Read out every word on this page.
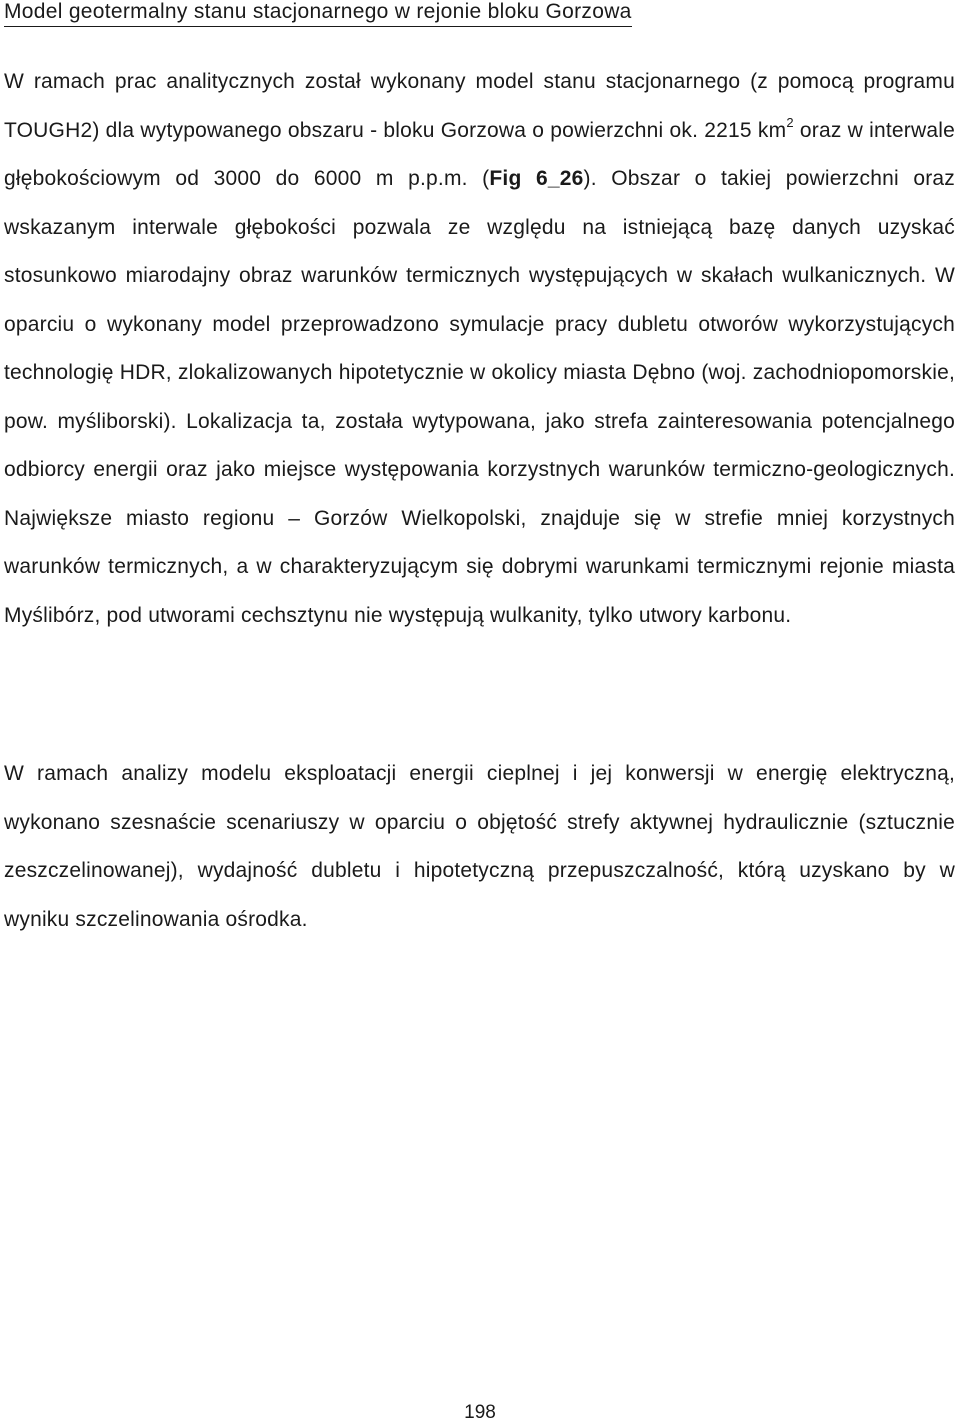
Model geotermalny stanu stacjonarnego w rejonie bloku Gorzowa

W ramach prac analitycznych został wykonany model stanu stacjonarnego (z pomocą programu TOUGH2) dla wytypowanego obszaru - bloku Gorzowa o powierzchni ok. 2215 $km^2$ oraz w interwale głębokościowym od 3000 do 6000 m p.p.m. (Fig 6_26). Obszar o takiej powierzchni oraz wskazanym interwale głębokości pozwala ze względu na istniejącą bazę danych uzyskać stosunkowo miarodajny obraz warunków termicznych występujących w skałach wulkanicznych. W oparciu o wykonany model przeprowadzono symulacje pracy dubletu otworów wykorzystujących technologię HDR, zlokalizowanych hipotetycznie w okolicy miasta Dębno (woj. zachodniopomorskie, pow. myśliborski). Lokalizacja ta, została wytypowana, jako strefa zainteresowania potencjalnego odbiorcy energii oraz jako miejsce występowania korzystnych warunków termiczno-geologicznych. Największe miasto regionu – Gorzów Wielkopolski, znajduje się w strefie mniej korzystnych warunków termicznych, a w charakteryzującym się dobrymi warunkami termicznymi rejonie miasta Myślibórz, pod utworami cechsztynu nie występują wulkanity, tylko utwory karbonu.

W ramach analizy modelu eksploatacji energii cieplnej i jej konwersji w energię elektryczną, wykonano szesnaście scenariuszy w oparciu o objętość strefy aktywnej hydraulicznie (sztucznie zeszczelinowanej), wydajność dubletu i hipotetyczną przepuszczalność, którą uzyskano by w wyniku szczelinowania ośrodka.

198
